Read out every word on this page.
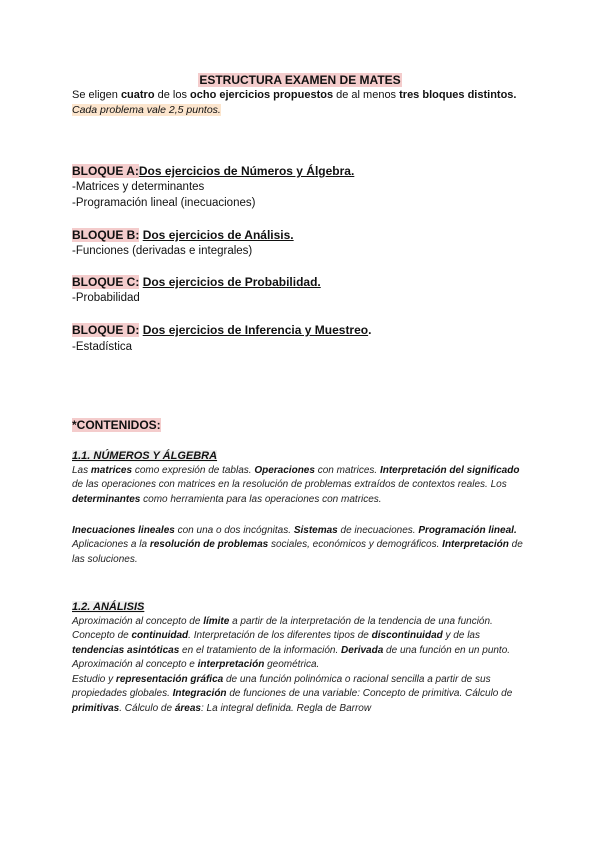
ESTRUCTURA EXAMEN DE MATES
Se eligen cuatro de los ocho ejercicios propuestos de al menos tres bloques distintos.
Cada problema vale 2,5 puntos.
BLOQUE A:Dos ejercicios de Números y Álgebra.
-Matrices y determinantes
-Programación lineal (inecuaciones)
BLOQUE B: Dos ejercicios de Análisis.
-Funciones (derivadas e integrales)
BLOQUE C: Dos ejercicios de Probabilidad.
-Probabilidad
BLOQUE D: Dos ejercicios de Inferencia y Muestreo.
-Estadística
*CONTENIDOS:
1.1. NÚMEROS Y ÁLGEBRA
Las matrices como expresión de tablas. Operaciones con matrices. Interpretación del significado de las operaciones con matrices en la resolución de problemas extraídos de contextos reales. Los determinantes como herramienta para las operaciones con matrices.
Inecuaciones lineales con una o dos incógnitas. Sistemas de inecuaciones. Programación lineal. Aplicaciones a la resolución de problemas sociales, económicos y demográficos. Interpretación de las soluciones.
1.2. ANÁLISIS
Aproximación al concepto de límite a partir de la interpretación de la tendencia de una función. Concepto de continuidad. Interpretación de los diferentes tipos de discontinuidad y de las tendencias asintóticas en el tratamiento de la información. Derivada de una función en un punto. Aproximación al concepto e interpretación geométrica.
Estudio y representación gráfica de una función polinómica o racional sencilla a partir de sus propiedades globales. Integración de funciones de una variable: Concepto de primitiva. Cálculo de primitivas. Cálculo de áreas: La integral definida. Regla de Barrow
